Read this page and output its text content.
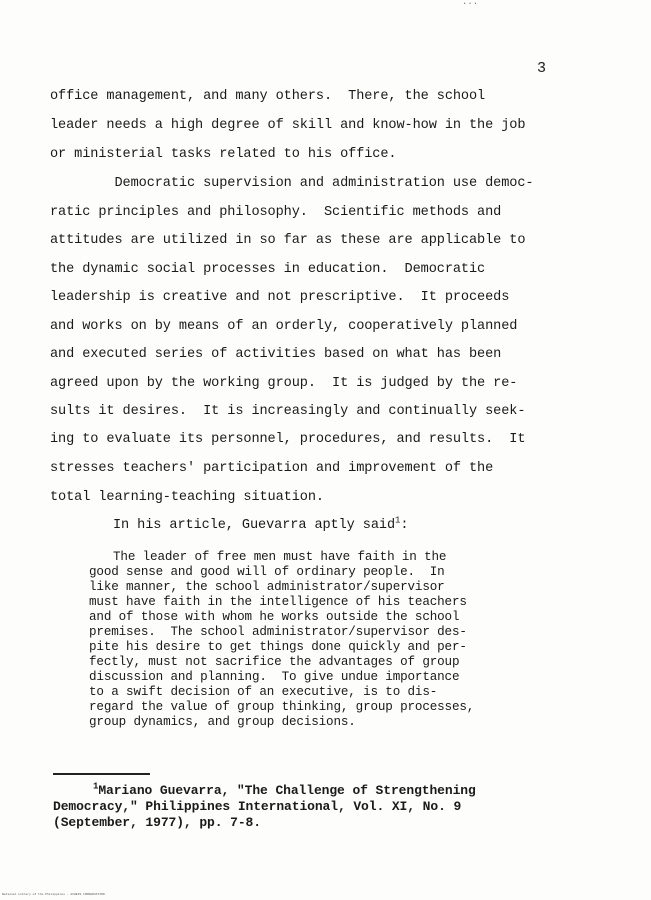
...
3
office management, and many others.  There, the school
leader needs a high degree of skill and know-how in the job
or ministerial tasks related to his office.
Democratic supervision and administration use democ-
ratic principles and philosophy.  Scientific methods and
attitudes are utilized in so far as these are applicable to
the dynamic social processes in education.  Democratic
leadership is creative and not prescriptive.  It proceeds
and works on by means of an orderly, cooperatively planned
and executed series of activities based on what has been
agreed upon by the working group.  It is judged by the re-
sults it desires.  It is increasingly and continually seek-
ing to evaluate its personnel, procedures, and results.  It
stresses teachers' participation and improvement of the
total learning-teaching situation.
In his article, Guevarra aptly said$^1$:
The leader of free men must have faith in the
good sense and good will of ordinary people.  In
like manner, the school administrator/supervisor
must have faith in the intelligence of his teachers
and of those with whom he works outside the school
premises.  The school administrator/supervisor des-
pite his desire to get things done quickly and per-
fectly, must not sacrifice the advantages of group
discussion and planning.  To give undue importance
to a swift decision of an executive, is to dis-
regard the value of group thinking, group processes,
group dynamics, and group decisions.
$^1$Mariano Guevarra, "The Challenge of Strengthening
Democracy," Philippines International, Vol. XI, No. 9
(September, 1977), pp. 7-8.
National Library of the Philippines · ACHEIS CONSERVATION
